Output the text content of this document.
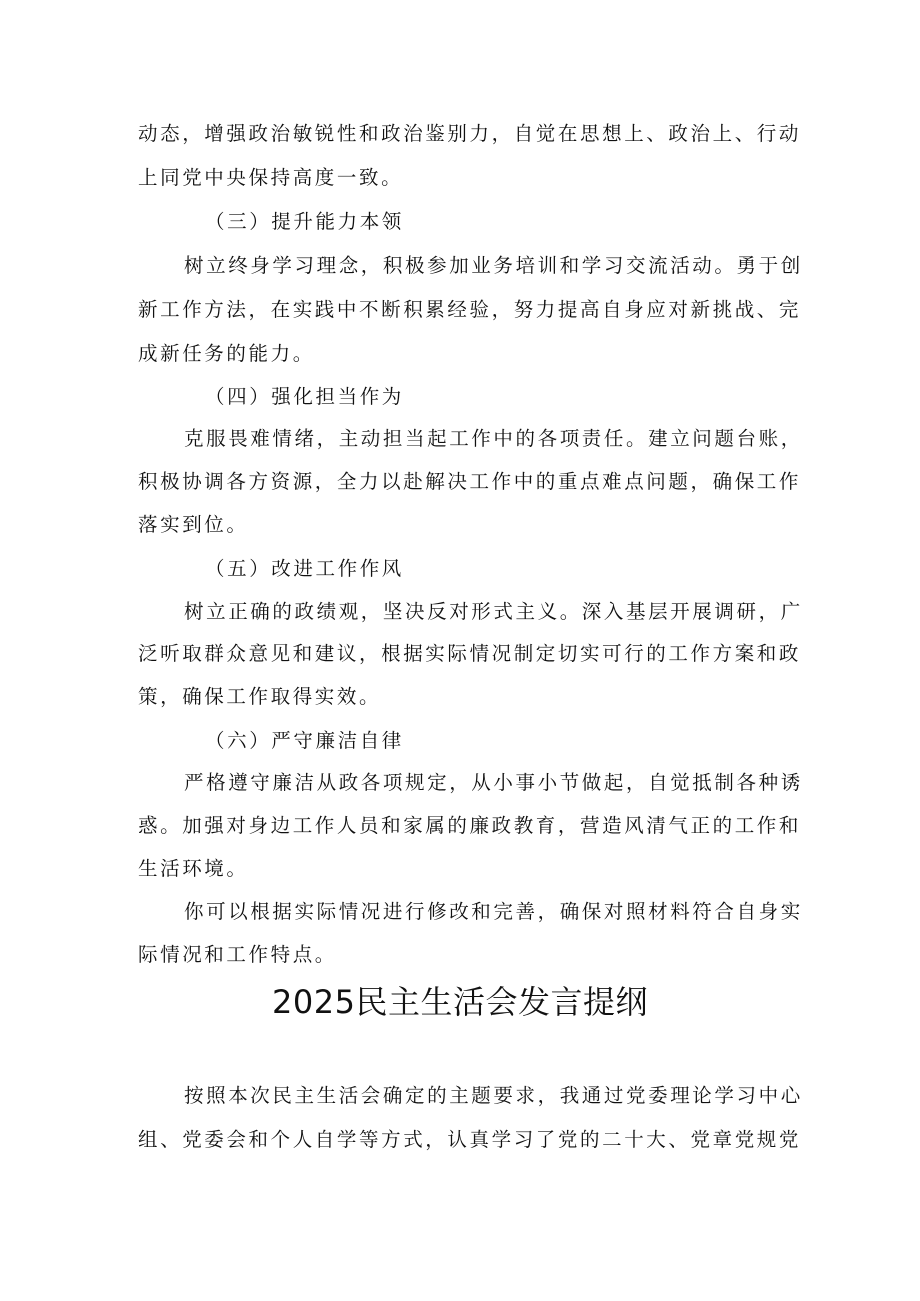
动态，增强政治敏锐性和政治鉴别力，自觉在思想上、政治上、行动
上同党中央保持高度一致。
（三）提升能力本领
树立终身学习理念，积极参加业务培训和学习交流活动。勇于创
新工作方法，在实践中不断积累经验，努力提高自身应对新挑战、完
成新任务的能力。
（四）强化担当作为
克服畏难情绪，主动担当起工作中的各项责任。建立问题台账，
积极协调各方资源，全力以赴解决工作中的重点难点问题，确保工作
落实到位。
（五）改进工作作风
树立正确的政绩观，坚决反对形式主义。深入基层开展调研，广
泛听取群众意见和建议，根据实际情况制定切实可行的工作方案和政
策，确保工作取得实效。
（六）严守廉洁自律
严格遵守廉洁从政各项规定，从小事小节做起，自觉抵制各种诱
惑。加强对身边工作人员和家属的廉政教育，营造风清气正的工作和
生活环境。
你可以根据实际情况进行修改和完善，确保对照材料符合自身实
际情况和工作特点。
2025民主生活会发言提纲
按照本次民主生活会确定的主题要求，我通过党委理论学习中心
组、党委会和个人自学等方式，认真学习了党的二十大、党章党规党
